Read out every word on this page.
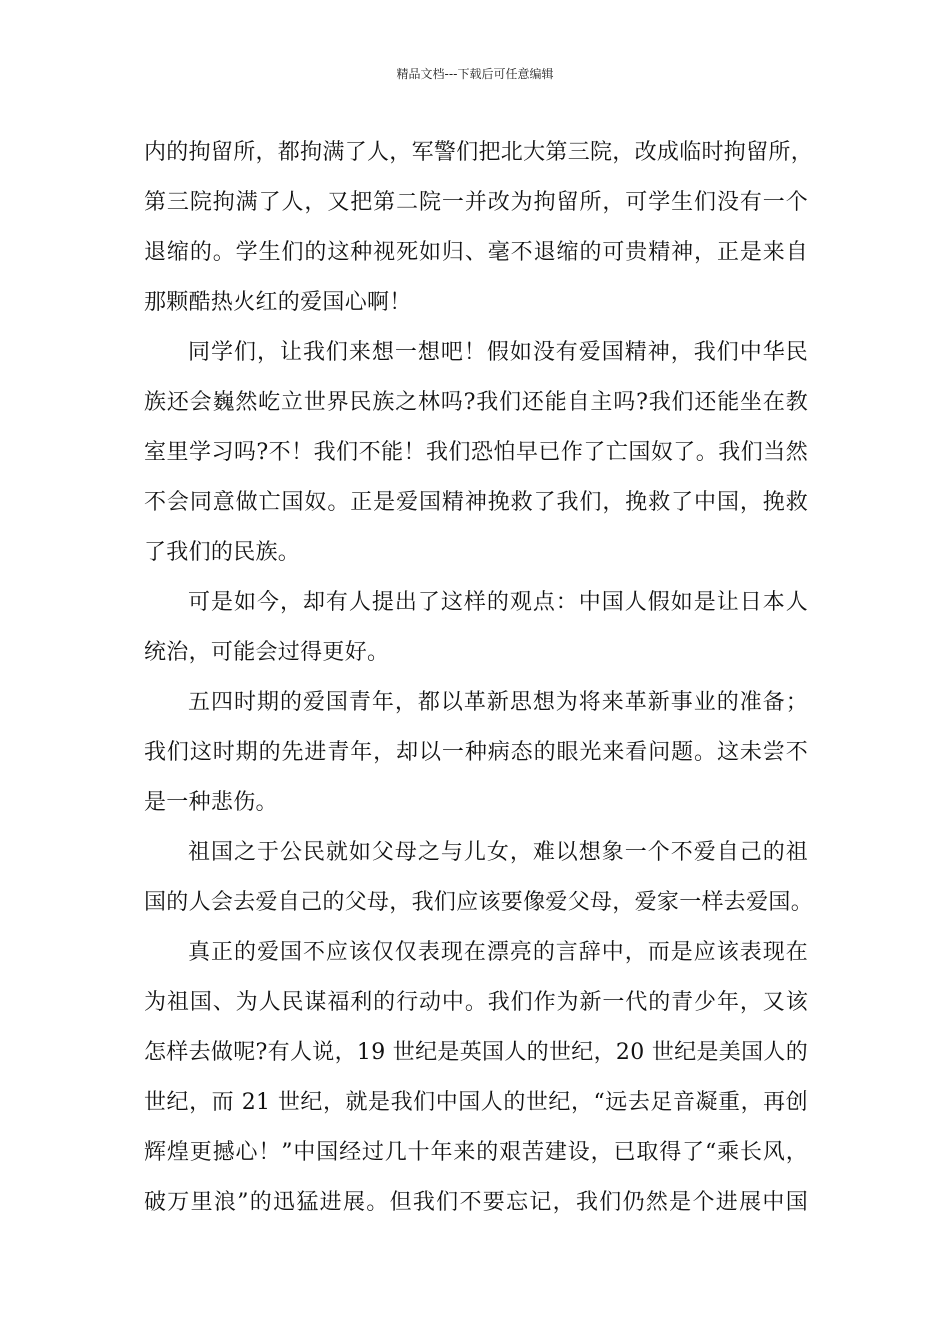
精品文档---下载后可任意编辑
内的拘留所，都拘满了人，军警们把北大第三院，改成临时拘留所，
第三院拘满了人，又把第二院一并改为拘留所，可学生们没有一个
退缩的。学生们的这种视死如归、毫不退缩的可贵精神，正是来自
那颗酷热火红的爱国心啊！
同学们，让我们来想一想吧！假如没有爱国精神，我们中华民
族还会巍然屹立世界民族之林吗?我们还能自主吗?我们还能坐在教
室里学习吗?不！我们不能！我们恐怕早已作了亡国奴了。我们当然
不会同意做亡国奴。正是爱国精神挽救了我们，挽救了中国，挽救
了我们的民族。
可是如今，却有人提出了这样的观点：中国人假如是让日本人
统治，可能会过得更好。
五四时期的爱国青年，都以革新思想为将来革新事业的准备；
我们这时期的先进青年，却以一种病态的眼光来看问题。这未尝不
是一种悲伤。
祖国之于公民就如父母之与儿女，难以想象一个不爱自己的祖
国的人会去爱自己的父母，我们应该要像爱父母，爱家一样去爱国。
真正的爱国不应该仅仅表现在漂亮的言辞中，而是应该表现在
为祖国、为人民谋福利的行动中。我们作为新一代的青少年，又该
怎样去做呢?有人说，19 世纪是英国人的世纪，20 世纪是美国人的
世纪，而 21 世纪，就是我们中国人的世纪，“远去足音凝重，再创
辉煌更撼心！”中国经过几十年来的艰苦建设，已取得了“乘长风，
破万里浪”的迅猛进展。但我们不要忘记，我们仍然是个进展中国
